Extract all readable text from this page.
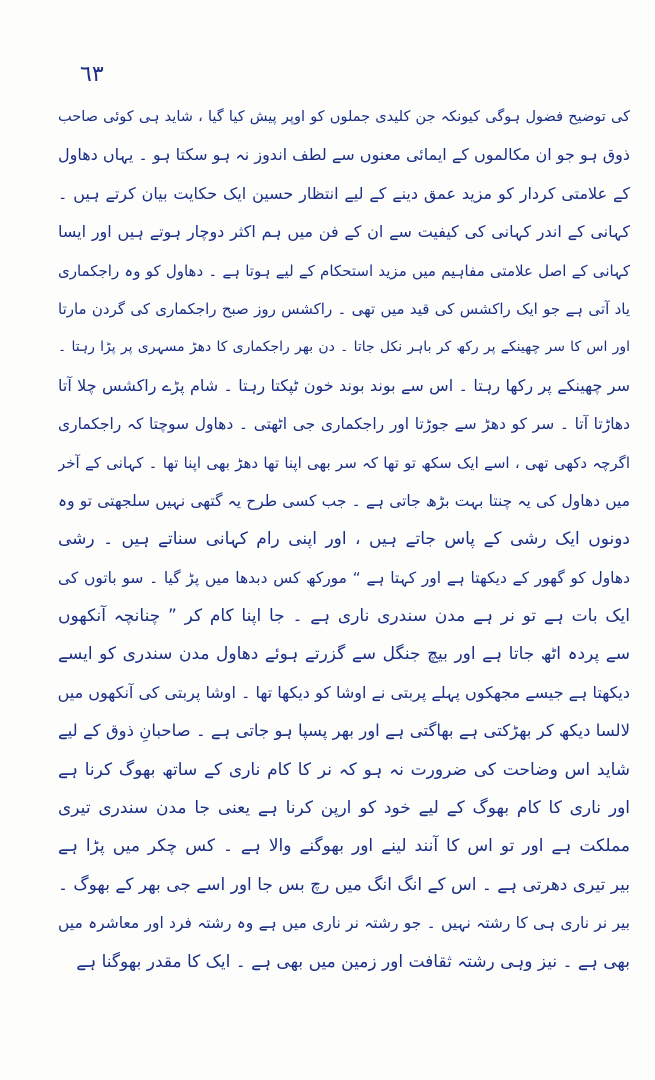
٦٣
کی توضیح فضول ہوگی کیونکہ جن کلیدی جملوں کو اوپر پیش کیا گیا ، شاید ہی کوئی صاحب
ذوق ہو جو ان مکالموں کے ایمائی معنوں سے لطف اندوز نہ ہو سکتا ہو ۔ یہاں دھاول
کے علامتی کردار کو مزید عمق دینے کے لیے انتظار حسین ایک حکایت بیان کرتے ہیں ۔
کہانی کے اندر کہانی کی کیفیت سے ان کے فن میں ہم اکثر دوچار ہوتے ہیں اور ایسا
کہانی کے اصل علامتی مفاہیم میں مزید استحکام کے لیے ہوتا ہے ۔ دھاول کو وہ راجکماری
یاد آتی ہے جو ایک راکشس کی قید میں تھی ۔ راکشس روز صبح راجکماری کی گردن مارتا
اور اس کا سر چھینکے پر رکھ کر باہر نکل جاتا ۔ دن بھر راجکماری کا دھڑ مسہری پر پڑا رہتا ۔
سر چھینکے پر رکھا رہتا ۔ اس سے بوند بوند خون ٹپکتا رہتا ۔ شام پڑے راکشس چلا آتا
دھاڑتا آتا ۔ سر کو دھڑ سے جوڑتا اور راجکماری جی اٹھتی ۔ دھاول سوچتا کہ راجکماری
اگرچہ دکھی تھی ، اسے ایک سکھ تو تھا کہ سر بھی اپنا تھا دھڑ بھی اپنا تھا ۔ کہانی کے آخر
میں دھاول کی یہ چنتا بہت بڑھ جاتی ہے ۔ جب کسی طرح یہ گتھی نہیں سلجھتی تو وہ
دونوں ایک رشی کے پاس جاتے ہیں ، اور اپنی رام کہانی سناتے ہیں ۔ رشی
دھاول کو گھور کے دیکھتا ہے اور کہتا ہے “ مورکھ کس دبدھا میں پڑ گیا ۔ سو باتوں کی
ایک بات ہے تو نر ہے مدن سندری ناری ہے ۔ جا اپنا کام کر ” چنانچہ آنکھوں
سے پردہ اٹھ جاتا ہے اور بیچ جنگل سے گزرتے ہوئے دھاول مدن سندری کو ایسے
دیکھتا ہے جیسے مجھکوں پہلے پربتی نے اوشا کو دیکھا تھا ۔ اوشا پربتی کی آنکھوں میں
لالسا دیکھ کر بھڑکتی ہے بھاگتی ہے اور بھر پسپا ہو جاتی ہے ۔ صاحبانِ ذوق کے لیے
شاید اس وضاحت کی ضرورت نہ ہو کہ نر کا کام ناری کے ساتھ بھوگ کرنا ہے
اور ناری کا کام بھوگ کے لیے خود کو ارپن کرنا ہے یعنی جا مدن سندری تیری
مملکت ہے اور تو اس کا آنند لینے اور بھوگنے والا ہے ۔ کس چکر میں پڑا ہے
بیر تیری دھرتی ہے ۔ اس کے انگ انگ میں رچ بس جا اور اسے جی بھر کے بھوگ ۔
بیر نر ناری ہی کا رشتہ نہیں ۔ جو رشتہ نر ناری میں ہے وہ رشتہ فرد اور معاشرہ میں
بھی ہے ۔ نیز وہی رشتہ ثقافت اور زمین میں بھی ہے ۔ ایک کا مقدر بھوگنا ہے
